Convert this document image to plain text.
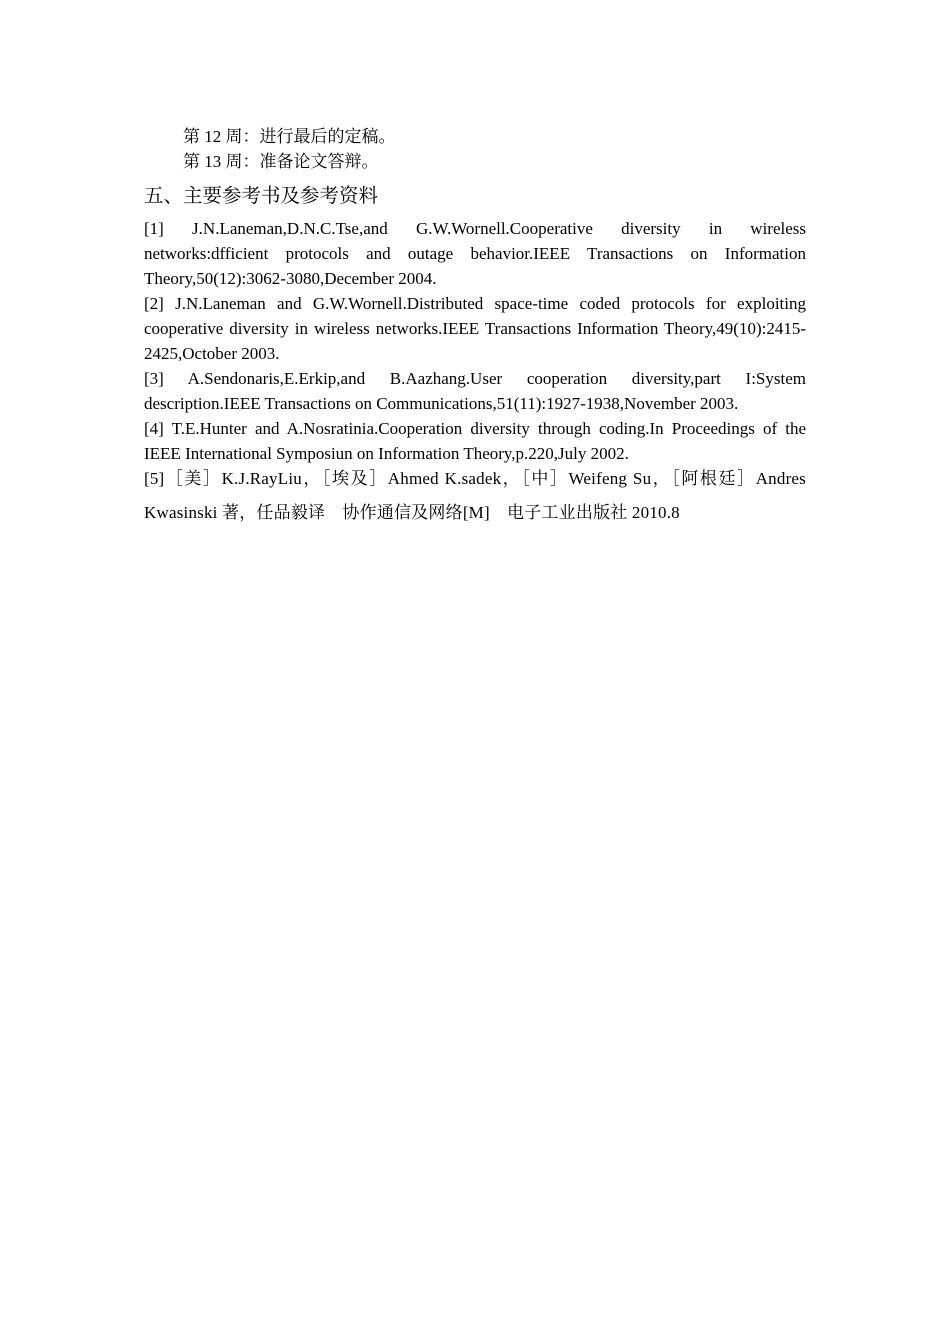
第 12 周：进行最后的定稿。
第 13 周：准备论文答辩。
五、主要参考书及参考资料
[1] J.N.Laneman,D.N.C.Tse,and G.W.Wornell.Cooperative diversity in wireless networks:dfficient protocols and outage behavior.IEEE Transactions on Information Theory,50(12):3062-3080,December 2004.
[2] J.N.Laneman and G.W.Wornell.Distributed space-time coded protocols for exploiting cooperative diversity in wireless networks.IEEE Transactions Information Theory,49(10):2415-2425,October 2003.
[3] A.Sendonaris,E.Erkip,and B.Aazhang.User cooperation diversity,part I:System description.IEEE Transactions on Communications,51(11):1927-1938,November 2003.
[4] T.E.Hunter and A.Nosratinia.Cooperation diversity through coding.In Proceedings of the IEEE International Symposiun on Information Theory,p.220,July 2002.
[5]［美］K.J.RayLiu，［埃及］Ahmed K.sadek，［中］Weifeng Su，［阿根廷］Andres Kwasinski 著，任品毅译　协作通信及网络[M]　电子工业出版社 2010.8
